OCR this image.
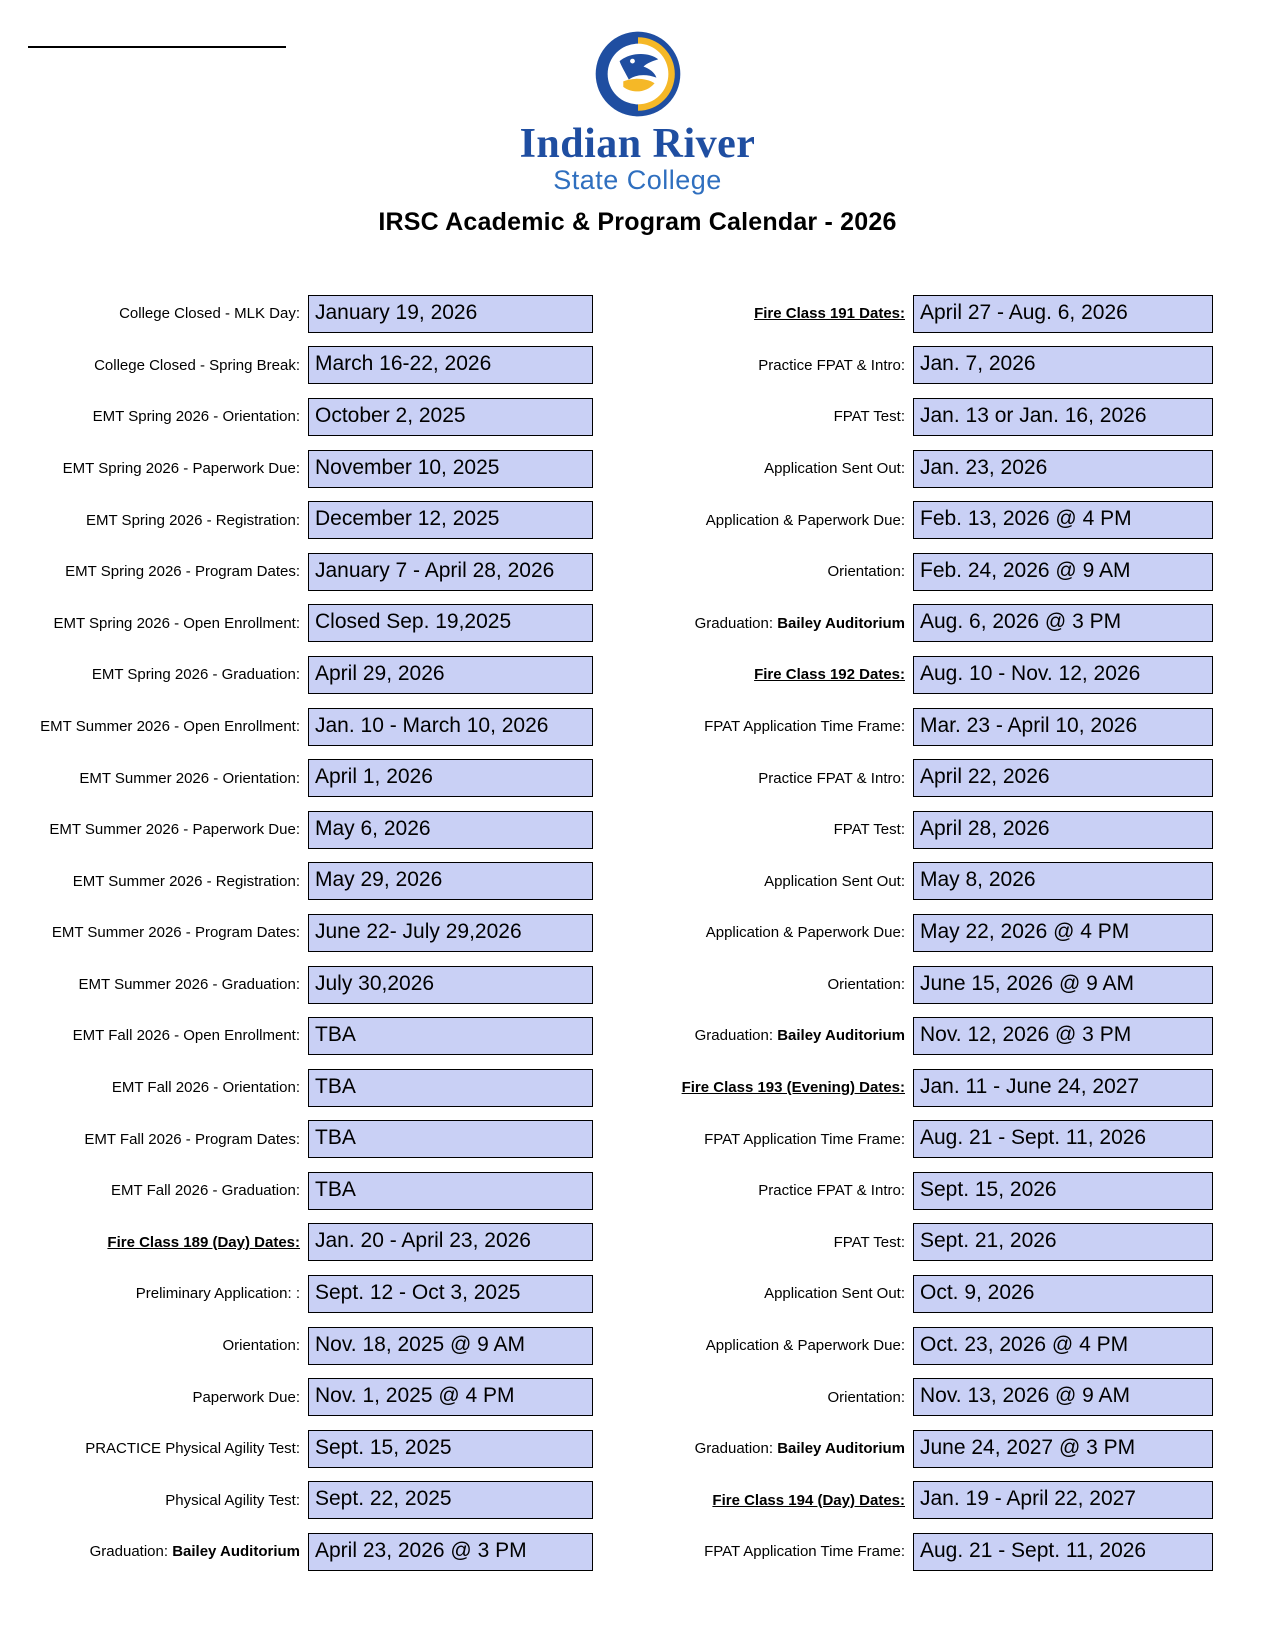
Indian River
State College
IRSC Academic & Program Calendar - 2026
College Closed - MLK Day: January 19, 2026
College Closed - Spring Break: March 16-22, 2026
EMT Spring 2026 - Orientation: October 2, 2025
EMT Spring 2026 - Paperwork Due: November 10, 2025
EMT Spring 2026 - Registration: December 12, 2025
EMT Spring 2026 - Program Dates: January 7 - April 28, 2026
EMT Spring 2026 - Open Enrollment: Closed Sep. 19,2025
EMT Spring 2026 - Graduation: April 29, 2026
EMT Summer 2026 - Open Enrollment: Jan. 10 - March 10, 2026
EMT Summer 2026 - Orientation: April 1, 2026
EMT Summer 2026 - Paperwork Due: May 6, 2026
EMT Summer 2026 - Registration: May 29, 2026
EMT Summer 2026 - Program Dates: June 22- July 29,2026
EMT Summer 2026 - Graduation: July 30,2026
EMT Fall 2026 - Open Enrollment: TBA
EMT Fall 2026 - Orientation: TBA
EMT Fall 2026 - Program Dates: TBA
EMT Fall 2026 - Graduation: TBA
Fire Class 189 (Day) Dates: Jan. 20 - April 23, 2026
Preliminary Application: : Sept. 12 - Oct 3, 2025
Orientation: Nov. 18, 2025 @ 9 AM
Paperwork Due: Nov. 1, 2025 @ 4 PM
PRACTICE Physical Agility Test: Sept. 15, 2025
Physical Agility Test: Sept. 22, 2025
Graduation: Bailey Auditorium April 23, 2026 @ 3 PM
Fire Class 191 Dates: April 27 - Aug. 6, 2026
Practice FPAT & Intro: Jan. 7, 2026
FPAT Test: Jan. 13 or Jan. 16, 2026
Application Sent Out: Jan. 23, 2026
Application & Paperwork Due: Feb. 13, 2026 @ 4 PM
Orientation: Feb. 24, 2026 @ 9 AM
Graduation: Bailey Auditorium Aug. 6, 2026 @ 3 PM
Fire Class 192 Dates: Aug. 10 - Nov. 12, 2026
FPAT Application Time Frame: Mar. 23 - April 10, 2026
Practice FPAT & Intro: April 22, 2026
FPAT Test: April 28, 2026
Application Sent Out: May 8, 2026
Application & Paperwork Due: May 22, 2026 @ 4 PM
Orientation: June 15, 2026 @ 9 AM
Graduation: Bailey Auditorium Nov. 12, 2026 @ 3 PM
Fire Class 193 (Evening) Dates: Jan. 11 - June 24, 2027
FPAT Application Time Frame: Aug. 21 - Sept. 11, 2026
Practice FPAT & Intro: Sept. 15, 2026
FPAT Test: Sept. 21, 2026
Application Sent Out: Oct. 9, 2026
Application & Paperwork Due: Oct. 23, 2026 @ 4 PM
Orientation: Nov. 13, 2026 @ 9 AM
Graduation: Bailey Auditorium June 24, 2027 @ 3 PM
Fire Class 194 (Day) Dates: Jan. 19 - April 22, 2027
FPAT Application Time Frame: Aug. 21 - Sept. 11, 2026
